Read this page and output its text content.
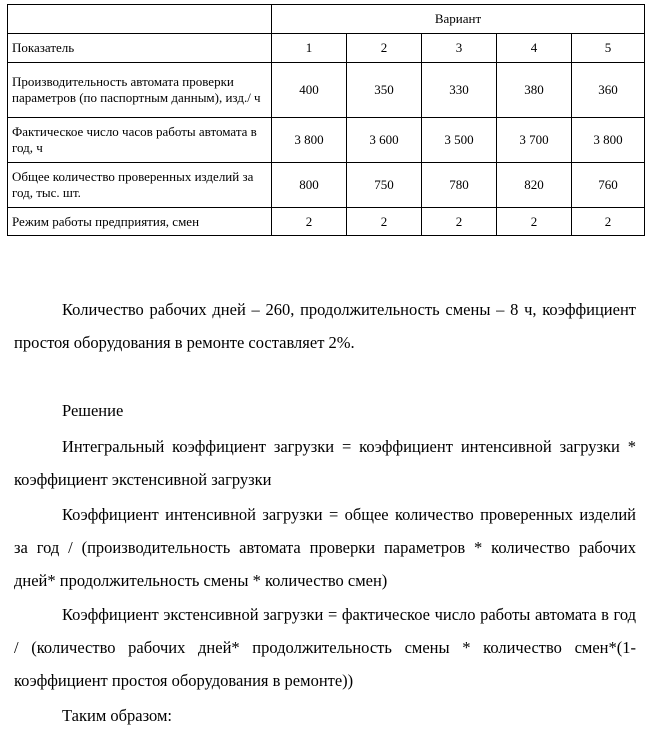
	Вариант				
Показатель	1	2	3	4	5
Производительность автомата проверки параметров (по паспортным данным), изд./ ч	400	350	330	380	360
Фактическое число часов работы автомата в год, ч	3 800	3 600	3 500	3 700	3 800
Общее количество проверенных изделий за год, тыс. шт.	800	750	780	820	760
Режим работы предприятия, смен	2	2	2	2	2

Количество рабочих дней – 260, продолжительность смены – 8 ч, коэффициент простоя оборудования в ремонте составляет 2%.

Решение

Интегральный коэффициент загрузки = коэффициент интенсивной загрузки * коэффициент экстенсивной загрузки

Коэффициент интенсивной загрузки = общее количество проверенных изделий за год / (производительность автомата проверки параметров * количество рабочих дней* продолжительность смены * количество смен)

Коэффициент экстенсивной загрузки = фактическое число работы автомата в год / (количество рабочих дней* продолжительность смены * количество смен*(1-коэффициент простоя оборудования в ремонте))

Таким образом:
